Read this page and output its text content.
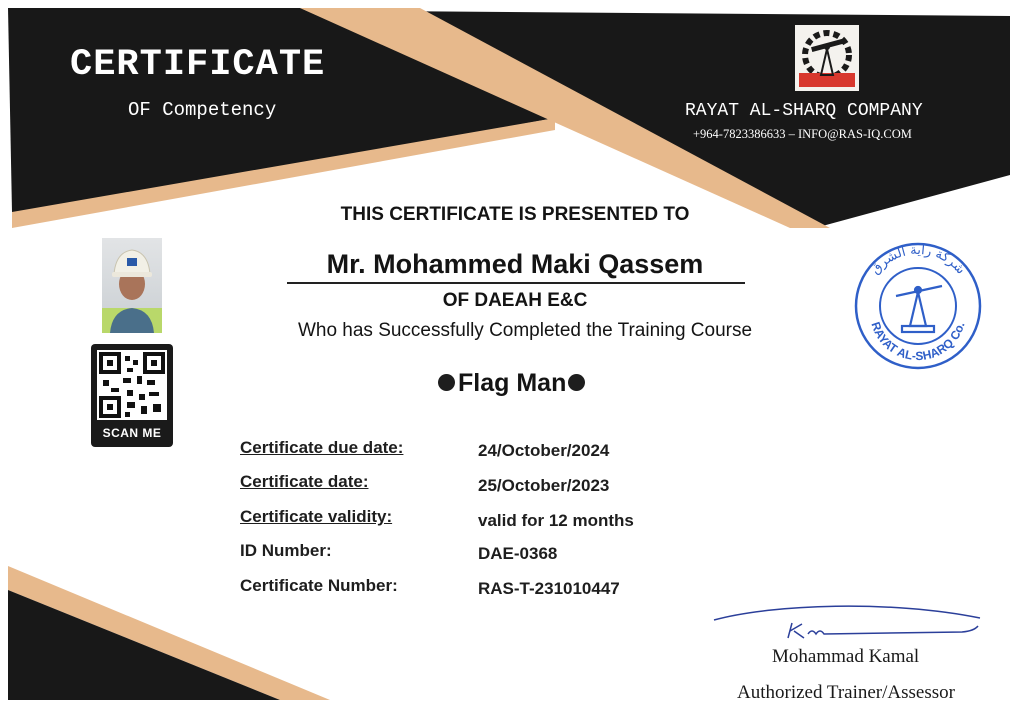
CERTIFICATE
OF Competency	RAYAT AL-SHARQ COMPANY
+964-7823386633 – INFO@RAS-IQ.COM
THIS CERTIFICATE IS PRESENTED TO
Mr. Mohammed Maki Qassem
OF DAEAH E&C
Who has Successfully Completed the Training Course
Flag Man
Certificate due date:	24/October/2024
Certificate date:	25/October/2023
Certificate validity:	valid for 12 months
ID Number:	DAE-0368
Certificate Number:	RAS-T-231010447
SCAN ME
شركة راية الشرق
RAYAT AL-SHARQ Co.
Mohammad Kamal
Authorized Trainer/Assessor
